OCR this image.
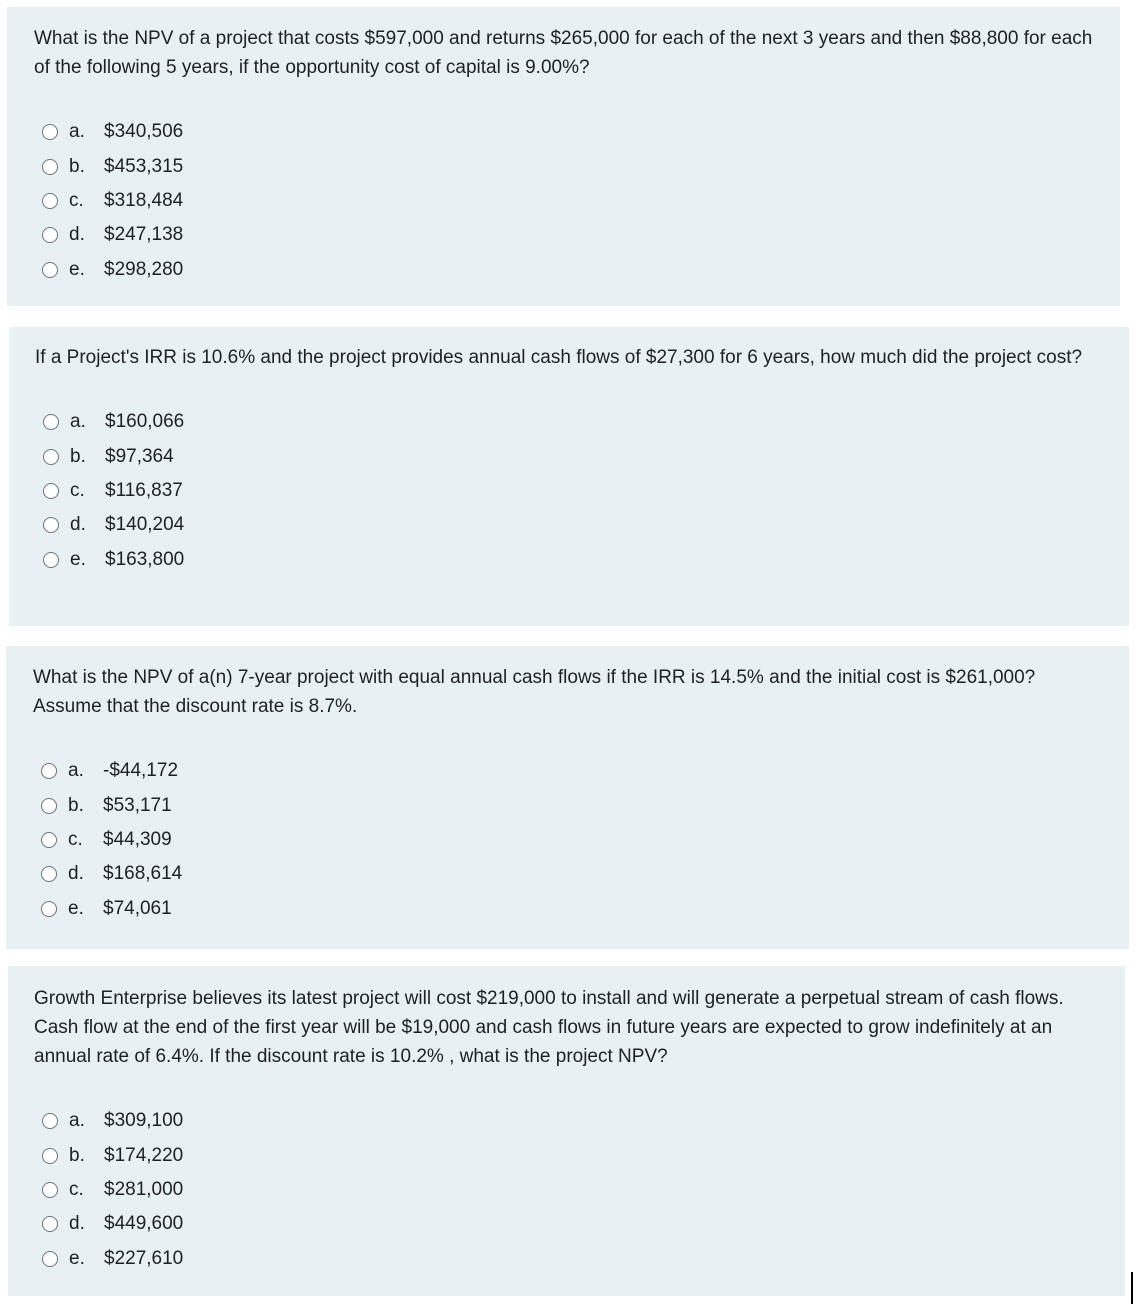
What is the NPV of a project that costs $597,000 and returns $265,000 for each of the next 3 years and then $88,800 for each of the following 5 years, if the opportunity cost of capital is 9.00%?

a.	$340,506
b.	$453,315
c.	$318,484
d.	$247,138
e.	$298,280

If a Project's IRR is 10.6% and the project provides annual cash flows of $27,300 for 6 years, how much did the project cost?

a.	$160,066
b.	$97,364
c.	$116,837
d.	$140,204
e.	$163,800

What is the NPV of a(n) 7-year project with equal annual cash flows if the IRR is 14.5% and the initial cost is $261,000? Assume that the discount rate is 8.7%.

a.	-$44,172
b.	$53,171
c.	$44,309
d.	$168,614
e.	$74,061

Growth Enterprise believes its latest project will cost $219,000 to install and will generate a perpetual stream of cash flows. Cash flow at the end of the first year will be $19,000 and cash flows in future years are expected to grow indefinitely at an annual rate of 6.4%. If the discount rate is 10.2% , what is the project NPV?

a.	$309,100
b.	$174,220
c.	$281,000
d.	$449,600
e.	$227,610
